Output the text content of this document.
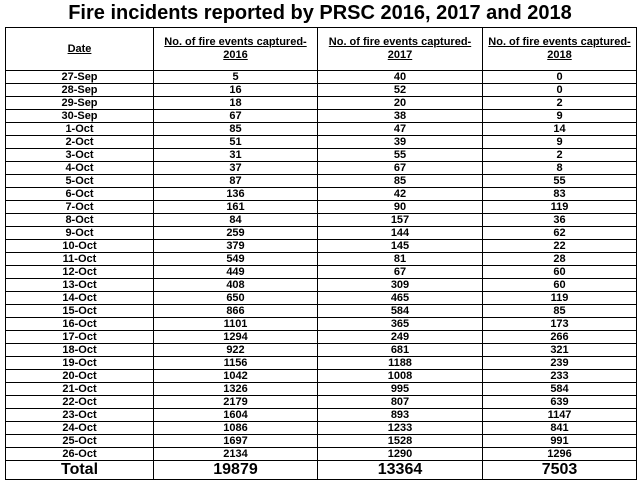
Fire incidents reported by PRSC 2016, 2017 and 2018
Date	No. of fire events captured- 2016	No. of fire events captured- 2017	No. of fire events captured- 2018
27-Sep	5	40	0
28-Sep	16	52	0
29-Sep	18	20	2
30-Sep	67	38	9
1-Oct	85	47	14
2-Oct	51	39	9
3-Oct	31	55	2
4-Oct	37	67	8
5-Oct	87	85	55
6-Oct	136	42	83
7-Oct	161	90	119
8-Oct	84	157	36
9-Oct	259	144	62
10-Oct	379	145	22
11-Oct	549	81	28
12-Oct	449	67	60
13-Oct	408	309	60
14-Oct	650	465	119
15-Oct	866	584	85
16-Oct	1101	365	173
17-Oct	1294	249	266
18-Oct	922	681	321
19-Oct	1156	1188	239
20-Oct	1042	1008	233
21-Oct	1326	995	584
22-Oct	2179	807	639
23-Oct	1604	893	1147
24-Oct	1086	1233	841
25-Oct	1697	1528	991
26-Oct	2134	1290	1296
Total	19879	13364	7503
